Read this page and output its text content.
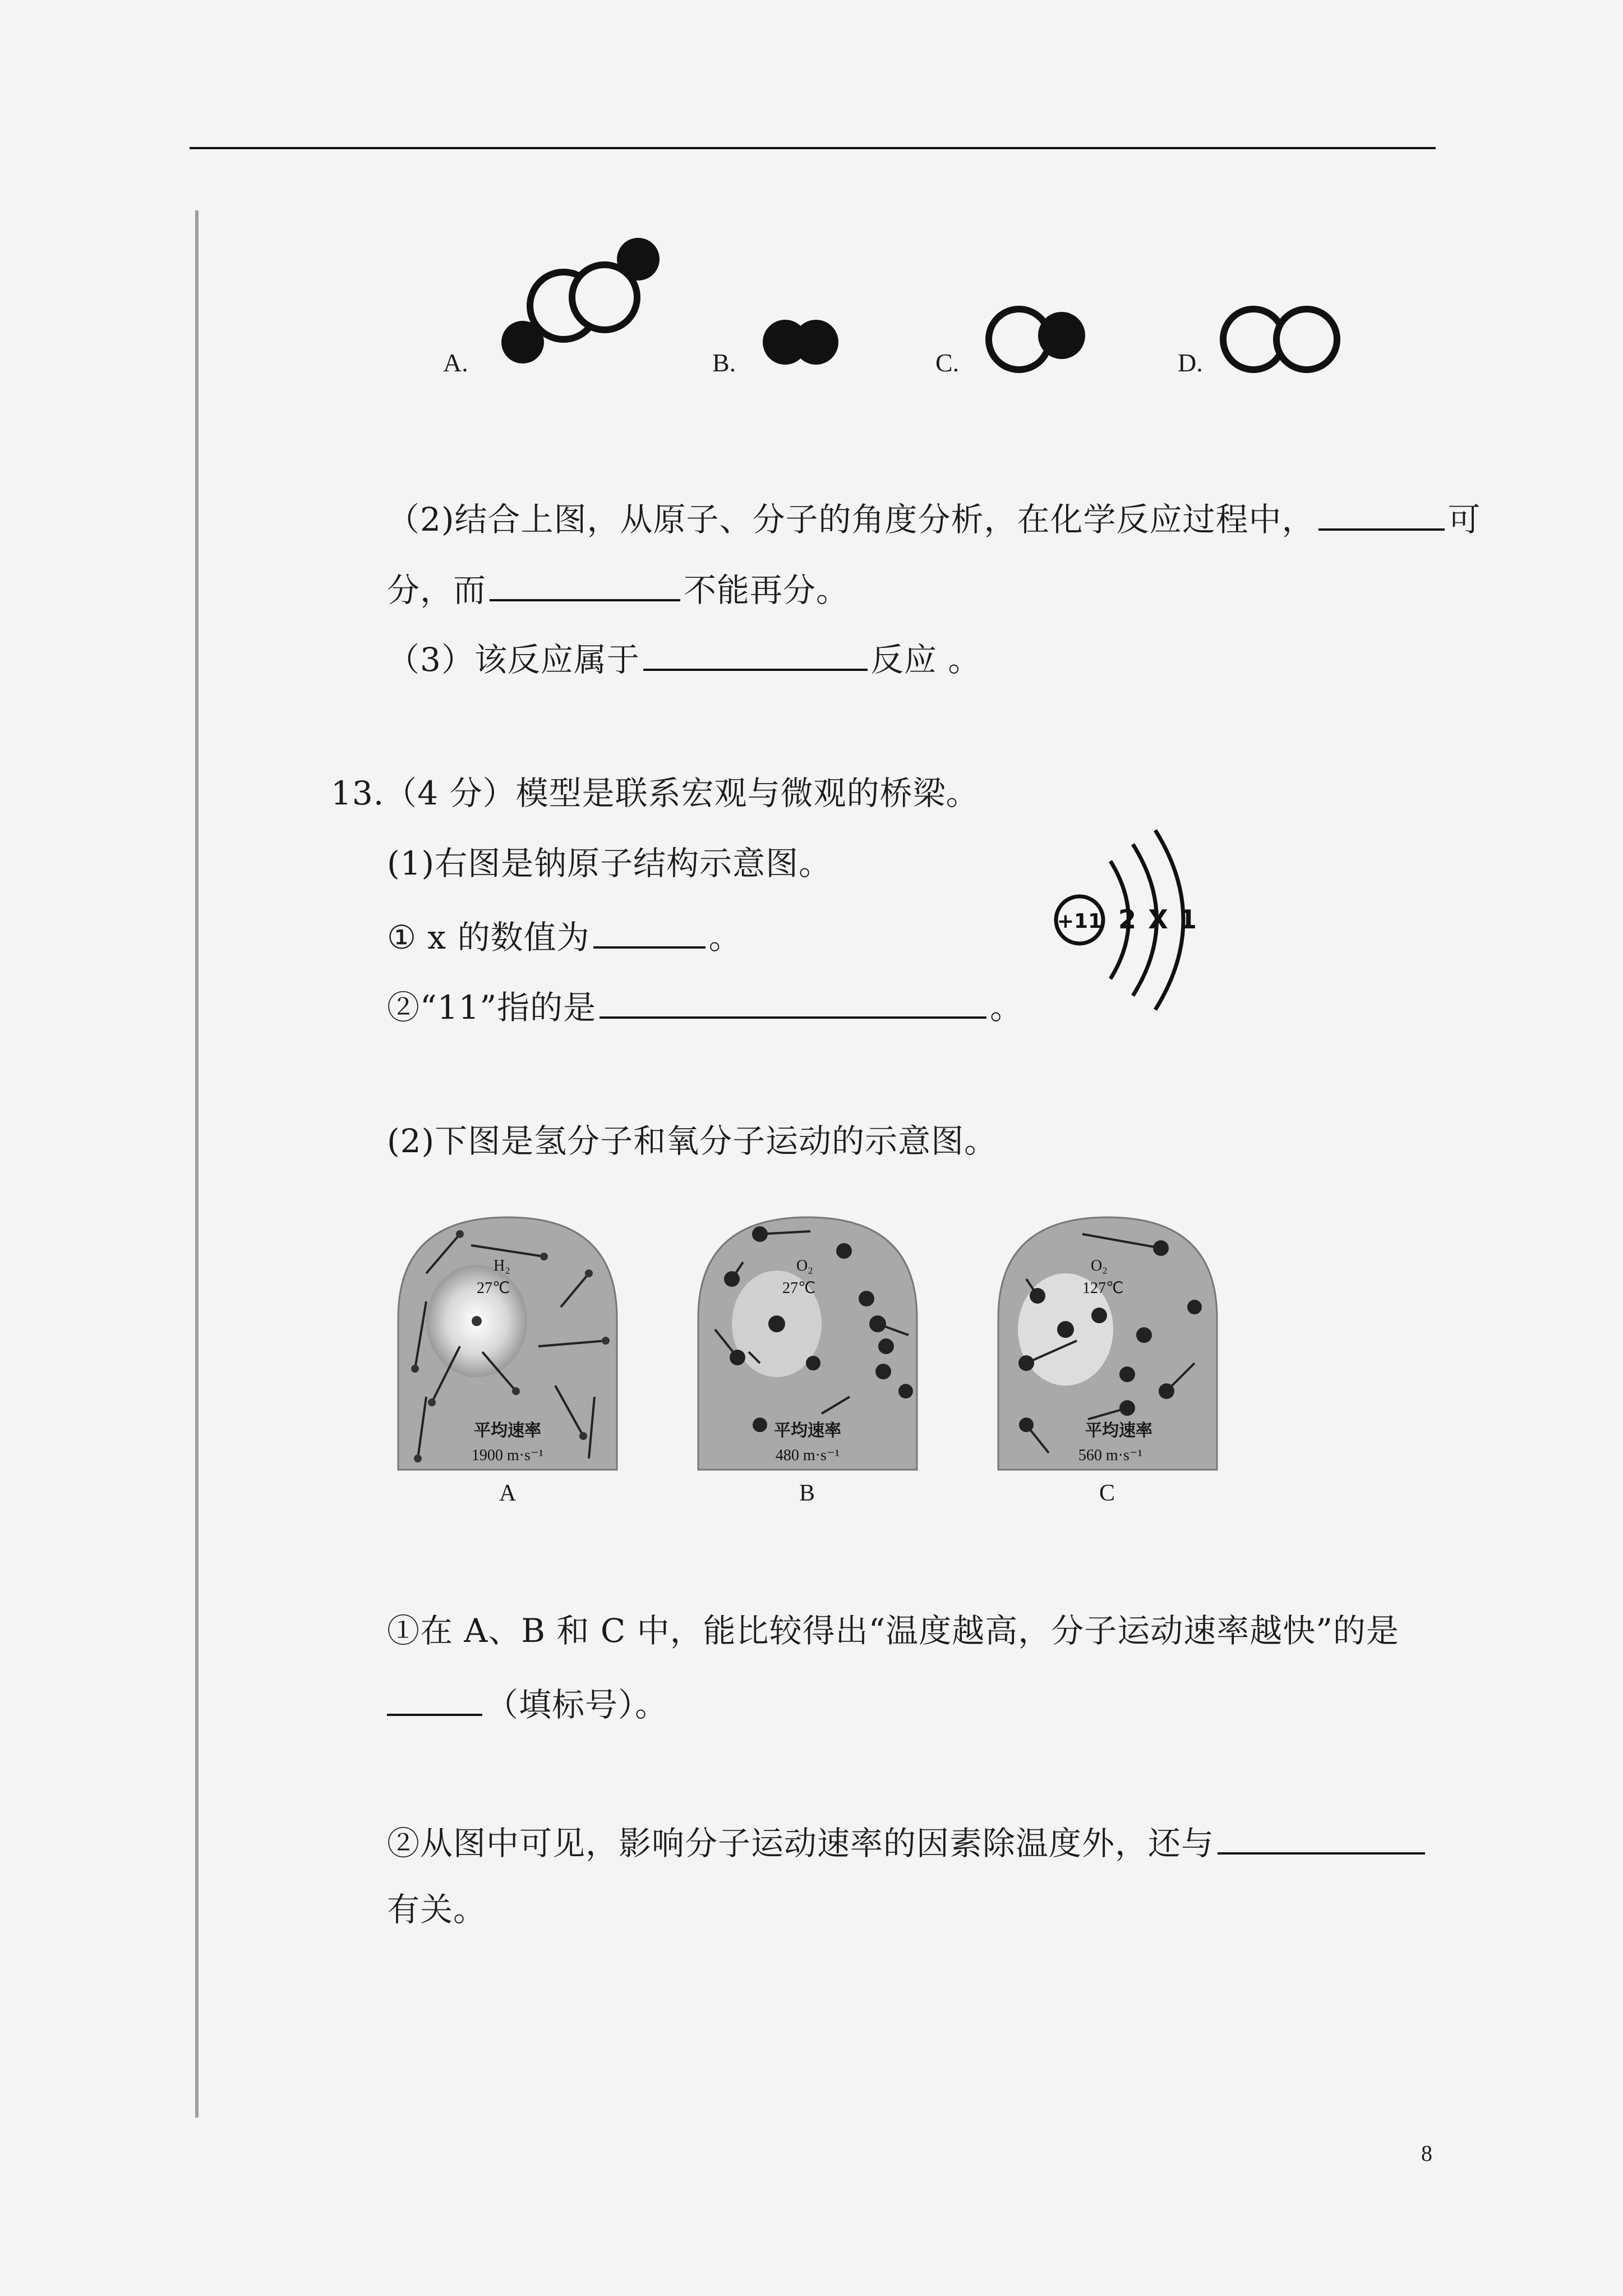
A.	B.	C.	D.
（2)结合上图，从原子、分子的角度分析，在化学反应过程中，	可
分，而	不能再分。
（3）该反应属于	反应 。
13.（4 分）模型是联系宏观与微观的桥梁。
(1)右图是钠原子结构示意图。
① x 的数值为	。
②“11”指的是	。
+11 2 X 1
(2)下图是氢分子和氧分子运动的示意图。
H₂
27℃
平均速率
1900 m·s⁻¹
A
O₂
27℃
平均速率
480 m·s⁻¹
B
O₂
127℃
平均速率
560 m·s⁻¹
C
①在 A、B 和 C 中，能比较得出“温度越高，分子运动速率越快”的是
（填标号）。
②从图中可见，影响分子运动速率的因素除温度外，还与
有关。
8
